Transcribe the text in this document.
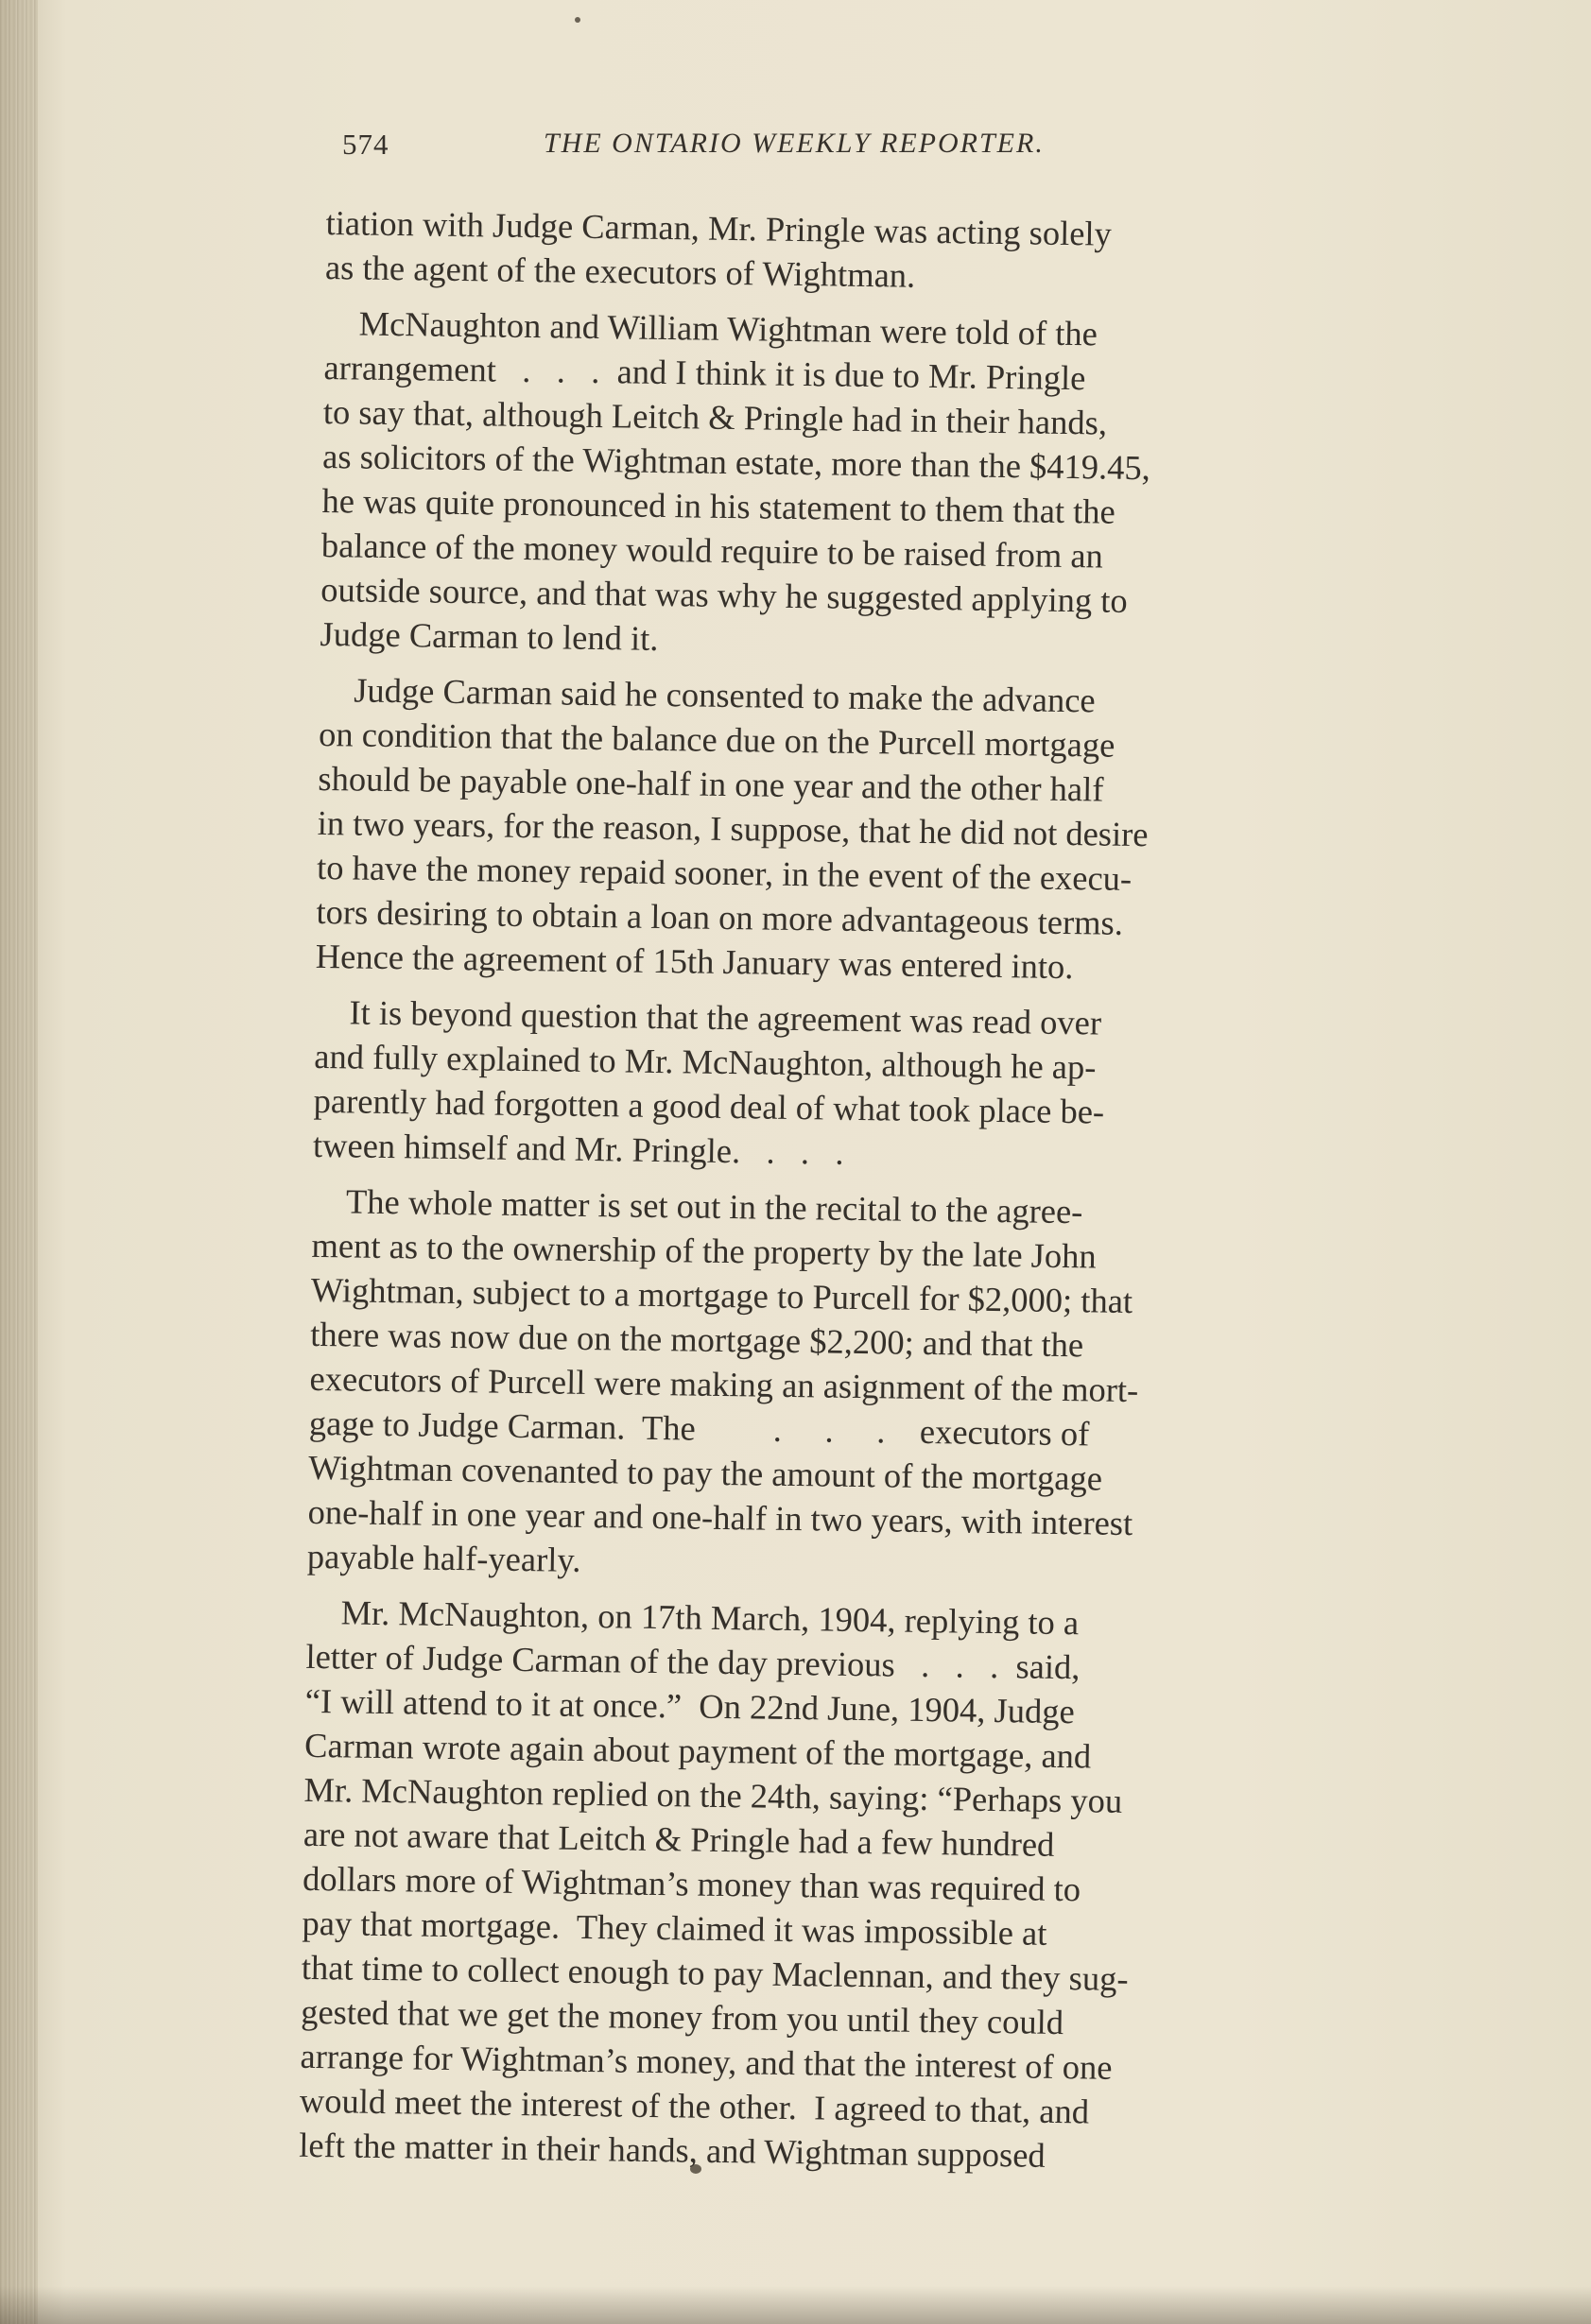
574	THE ONTARIO WEEKLY REPORTER.
tiation with Judge Carman, Mr. Pringle was acting solely
as the agent of the executors of Wightman.
McNaughton and William Wightman were told of the
arrangement   .   .   .  and I think it is due to Mr. Pringle
to say that, although Leitch & Pringle had in their hands,
as solicitors of the Wightman estate, more than the $419.45,
he was quite pronounced in his statement to them that the
balance of the money would require to be raised from an
outside source, and that was why he suggested applying to
Judge Carman to lend it.
Judge Carman said he consented to make the advance
on condition that the balance due on the Purcell mortgage
should be payable one-half in one year and the other half
in two years, for the reason, I suppose, that he did not desire
to have the money repaid sooner, in the event of the execu-
tors desiring to obtain a loan on more advantageous terms.
Hence the agreement of 15th January was entered into.
It is beyond question that the agreement was read over
and fully explained to Mr. McNaughton, although he ap-
parently had forgotten a good deal of what took place be-
tween himself and Mr. Pringle.   .   .   .
The whole matter is set out in the recital to the agree-
ment as to the ownership of the property by the late John
Wightman, subject to a mortgage to Purcell for $2,000; that
there was now due on the mortgage $2,200; and that the
executors of Purcell were making an asignment of the mort-
gage to Judge Carman.  The         .     .     .    executors of
Wightman covenanted to pay the amount of the mortgage
one-half in one year and one-half in two years, with interest
payable half-yearly.
Mr. McNaughton, on 17th March, 1904, replying to a
letter of Judge Carman of the day previous   .   .   .  said,
“I will attend to it at once.”  On 22nd June, 1904, Judge
Carman wrote again about payment of the mortgage, and
Mr. McNaughton replied on the 24th, saying: “Perhaps you
are not aware that Leitch & Pringle had a few hundred
dollars more of Wightman’s money than was required to
pay that mortgage.  They claimed it was impossible at
that time to collect enough to pay Maclennan, and they sug-
gested that we get the money from you until they could
arrange for Wightman’s money, and that the interest of one
would meet the interest of the other.  I agreed to that, and
left the matter in their hands, and Wightman supposed
